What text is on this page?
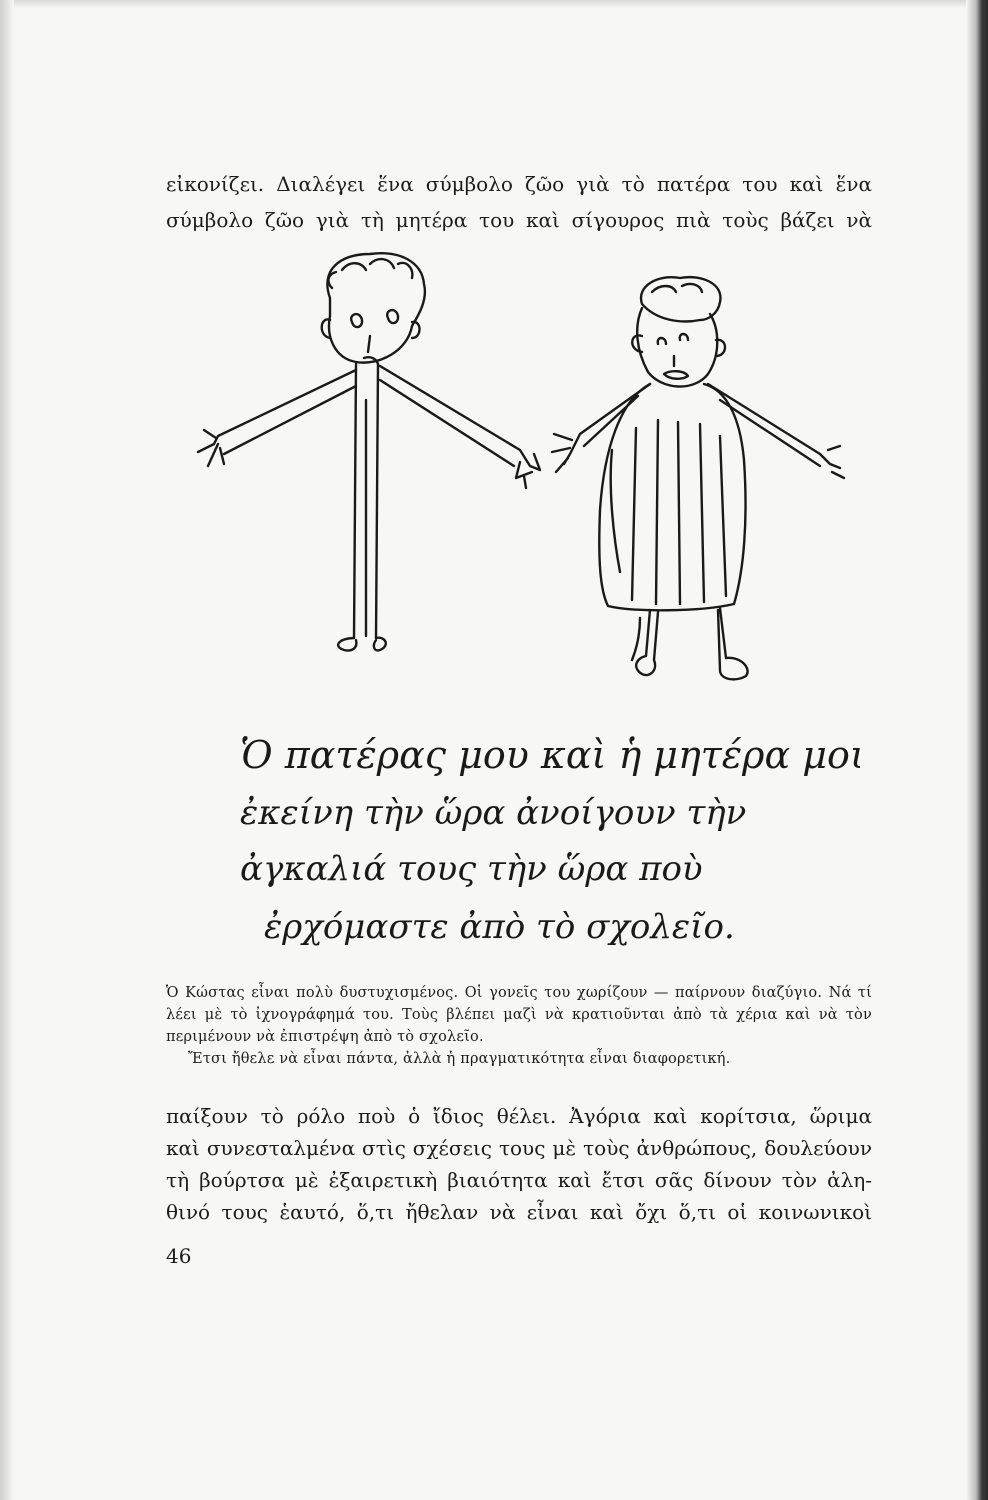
εἰκονίζει. Διαλέγει ἕνα σύμβολο ζῶο γιὰ τὸ πατέρα του καὶ ἕνα

σύμβολο ζῶο γιὰ τὴ μητέρα του καὶ σίγουρος πιὰ τοὺς βάζει νὰ

Ὁ πατέρας μου καὶ ἡ μητέρα μου
ἐκείνη τὴν ὥρα ἀνοίγουν τὴν
ἀγκαλιά τους τὴν ὥρα ποὺ
ἐρχόμαστε ἀπὸ τὸ σχολεῖο.

Ὁ Κώστας εἶναι πολὺ δυστυχισμένος. Οἱ γονεῖς του χωρίζουν — παίρνουν διαζύγιο. Νά τί λέει μὲ τὸ ἰχνογράφημά του. Τοὺς βλέπει μαζὶ νὰ κρατιοῦνται ἀπὸ τὰ χέρια καὶ νὰ τὸν περιμένουν νὰ ἐπιστρέψη ἀπὸ τὸ σχολεῖο.

Ἔτσι ἤθελε νὰ εἶναι πάντα, ἀλλὰ ἡ πραγματικότητα εἶναι διαφορετική.

παίξουν τὸ ρόλο ποὺ ὁ ἴδιος θέλει. Ἀγόρια καὶ κορίτσια, ὥριμα

καὶ συνεσταλμένα στὶς σχέσεις τους μὲ τοὺς ἀνθρώπους, δουλεύουν

τὴ βούρτσα μὲ ἐξαιρετικὴ βιαιότητα καὶ ἔτσι σᾶς δίνουν τὸν ἀλη-

θινό τους ἑαυτό, ὅ,τι ἤθελαν νὰ εἶναι καὶ ὄχι ὅ,τι οἱ κοινωνικοὶ

46
